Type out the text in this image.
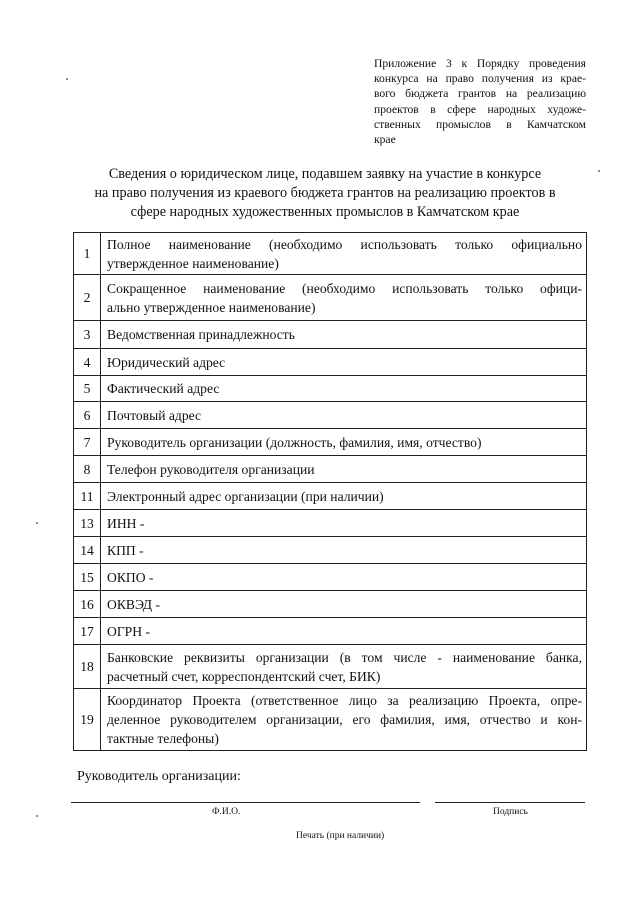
Приложение 3 к Порядку проведения
конкурса на право получения из крае-
вого бюджета грантов на реализацию
проектов в сфере народных художе-
ственных промыслов в Камчатском
крае
Сведения о юридическом лице, подавшем заявку на участие в конкурсе
на право получения из краевого бюджета грантов на реализацию проектов в
сфере народных художественных промыслов в Камчатском крае
1	Полное наименование (необходимо использовать только официально
утвержденное наименование)

2	Сокращенное наименование (необходимо использовать только офици-
ально утвержденное наименование)

3	Ведомственная принадлежность

4	Юридический адрес

5	Фактический адрес

6	Почтовый адрес

7	Руководитель организации (должность, фамилия, имя, отчество)

8	Телефон руководителя организации

11	Электронный адрес организации (при наличии)

13	ИНН -

14	КПП -

15	ОКПО -

16	ОКВЭД -

17	ОГРН -

18	Банковские реквизиты организации (в том числе - наименование банка,
расчетный счет, корреспондентский счет, БИК)

19	Координатор Проекта (ответственное лицо за реализацию Проекта, опре-
деленное руководителем организации, его фамилия, имя, отчество и кон-
тактные телефоны)
Руководитель организации:
Ф.И.О.	Подпись
Печать (при наличии)
